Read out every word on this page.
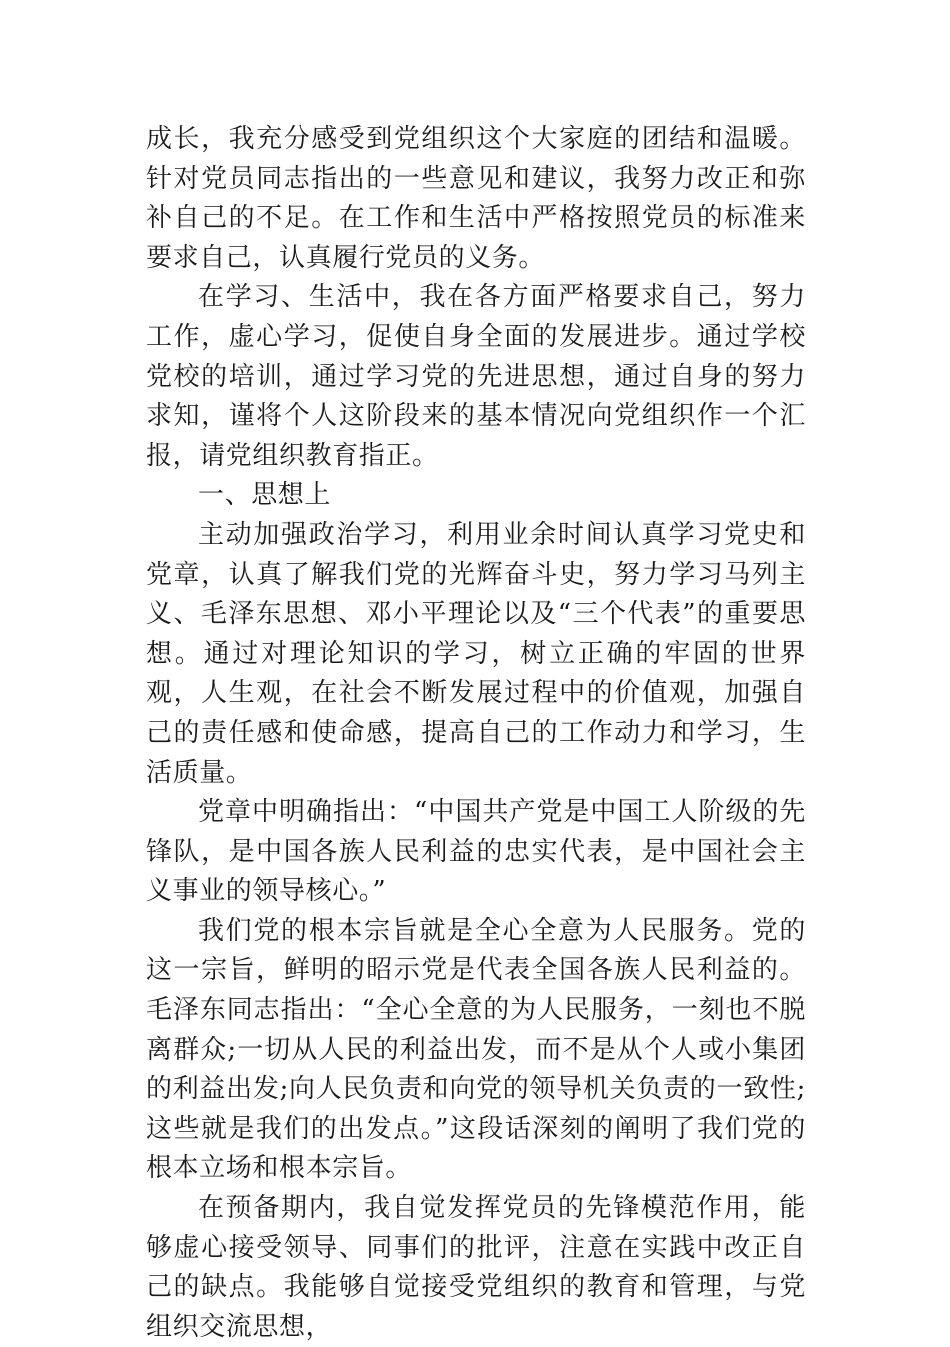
成长，我充分感受到党组织这个大家庭的团结和温暖。针对党员同志指出的一些意见和建议，我努力改正和弥补自己的不足。在工作和生活中严格按照党员的标准来要求自己，认真履行党员的义务。

在学习、生活中，我在各方面严格要求自己，努力工作，虚心学习，促使自身全面的发展进步。通过学校党校的培训，通过学习党的先进思想，通过自身的努力求知，谨将个人这阶段来的基本情况向党组织作一个汇报，请党组织教育指正。

一、思想上

主动加强政治学习，利用业余时间认真学习党史和党章，认真了解我们党的光辉奋斗史，努力学习马列主义、毛泽东思想、邓小平理论以及“三个代表”的重要思想。通过对理论知识的学习，树立正确的牢固的世界观，人生观，在社会不断发展过程中的价值观，加强自己的责任感和使命感，提高自己的工作动力和学习，生活质量。

党章中明确指出：“中国共产党是中国工人阶级的先锋队，是中国各族人民利益的忠实代表，是中国社会主义事业的领导核心。”

我们党的根本宗旨就是全心全意为人民服务。党的这一宗旨，鲜明的昭示党是代表全国各族人民利益的。毛泽东同志指出：“全心全意的为人民服务，一刻也不脱离群众;一切从人民的利益出发，而不是从个人或小集团的利益出发;向人民负责和向党的领导机关负责的一致性;这些就是我们的出发点。”这段话深刻的阐明了我们党的根本立场和根本宗旨。

在预备期内，我自觉发挥党员的先锋模范作用，能够虚心接受领导、同事们的批评，注意在实践中改正自己的缺点。我能够自觉接受党组织的教育和管理，与党组织交流思想，
